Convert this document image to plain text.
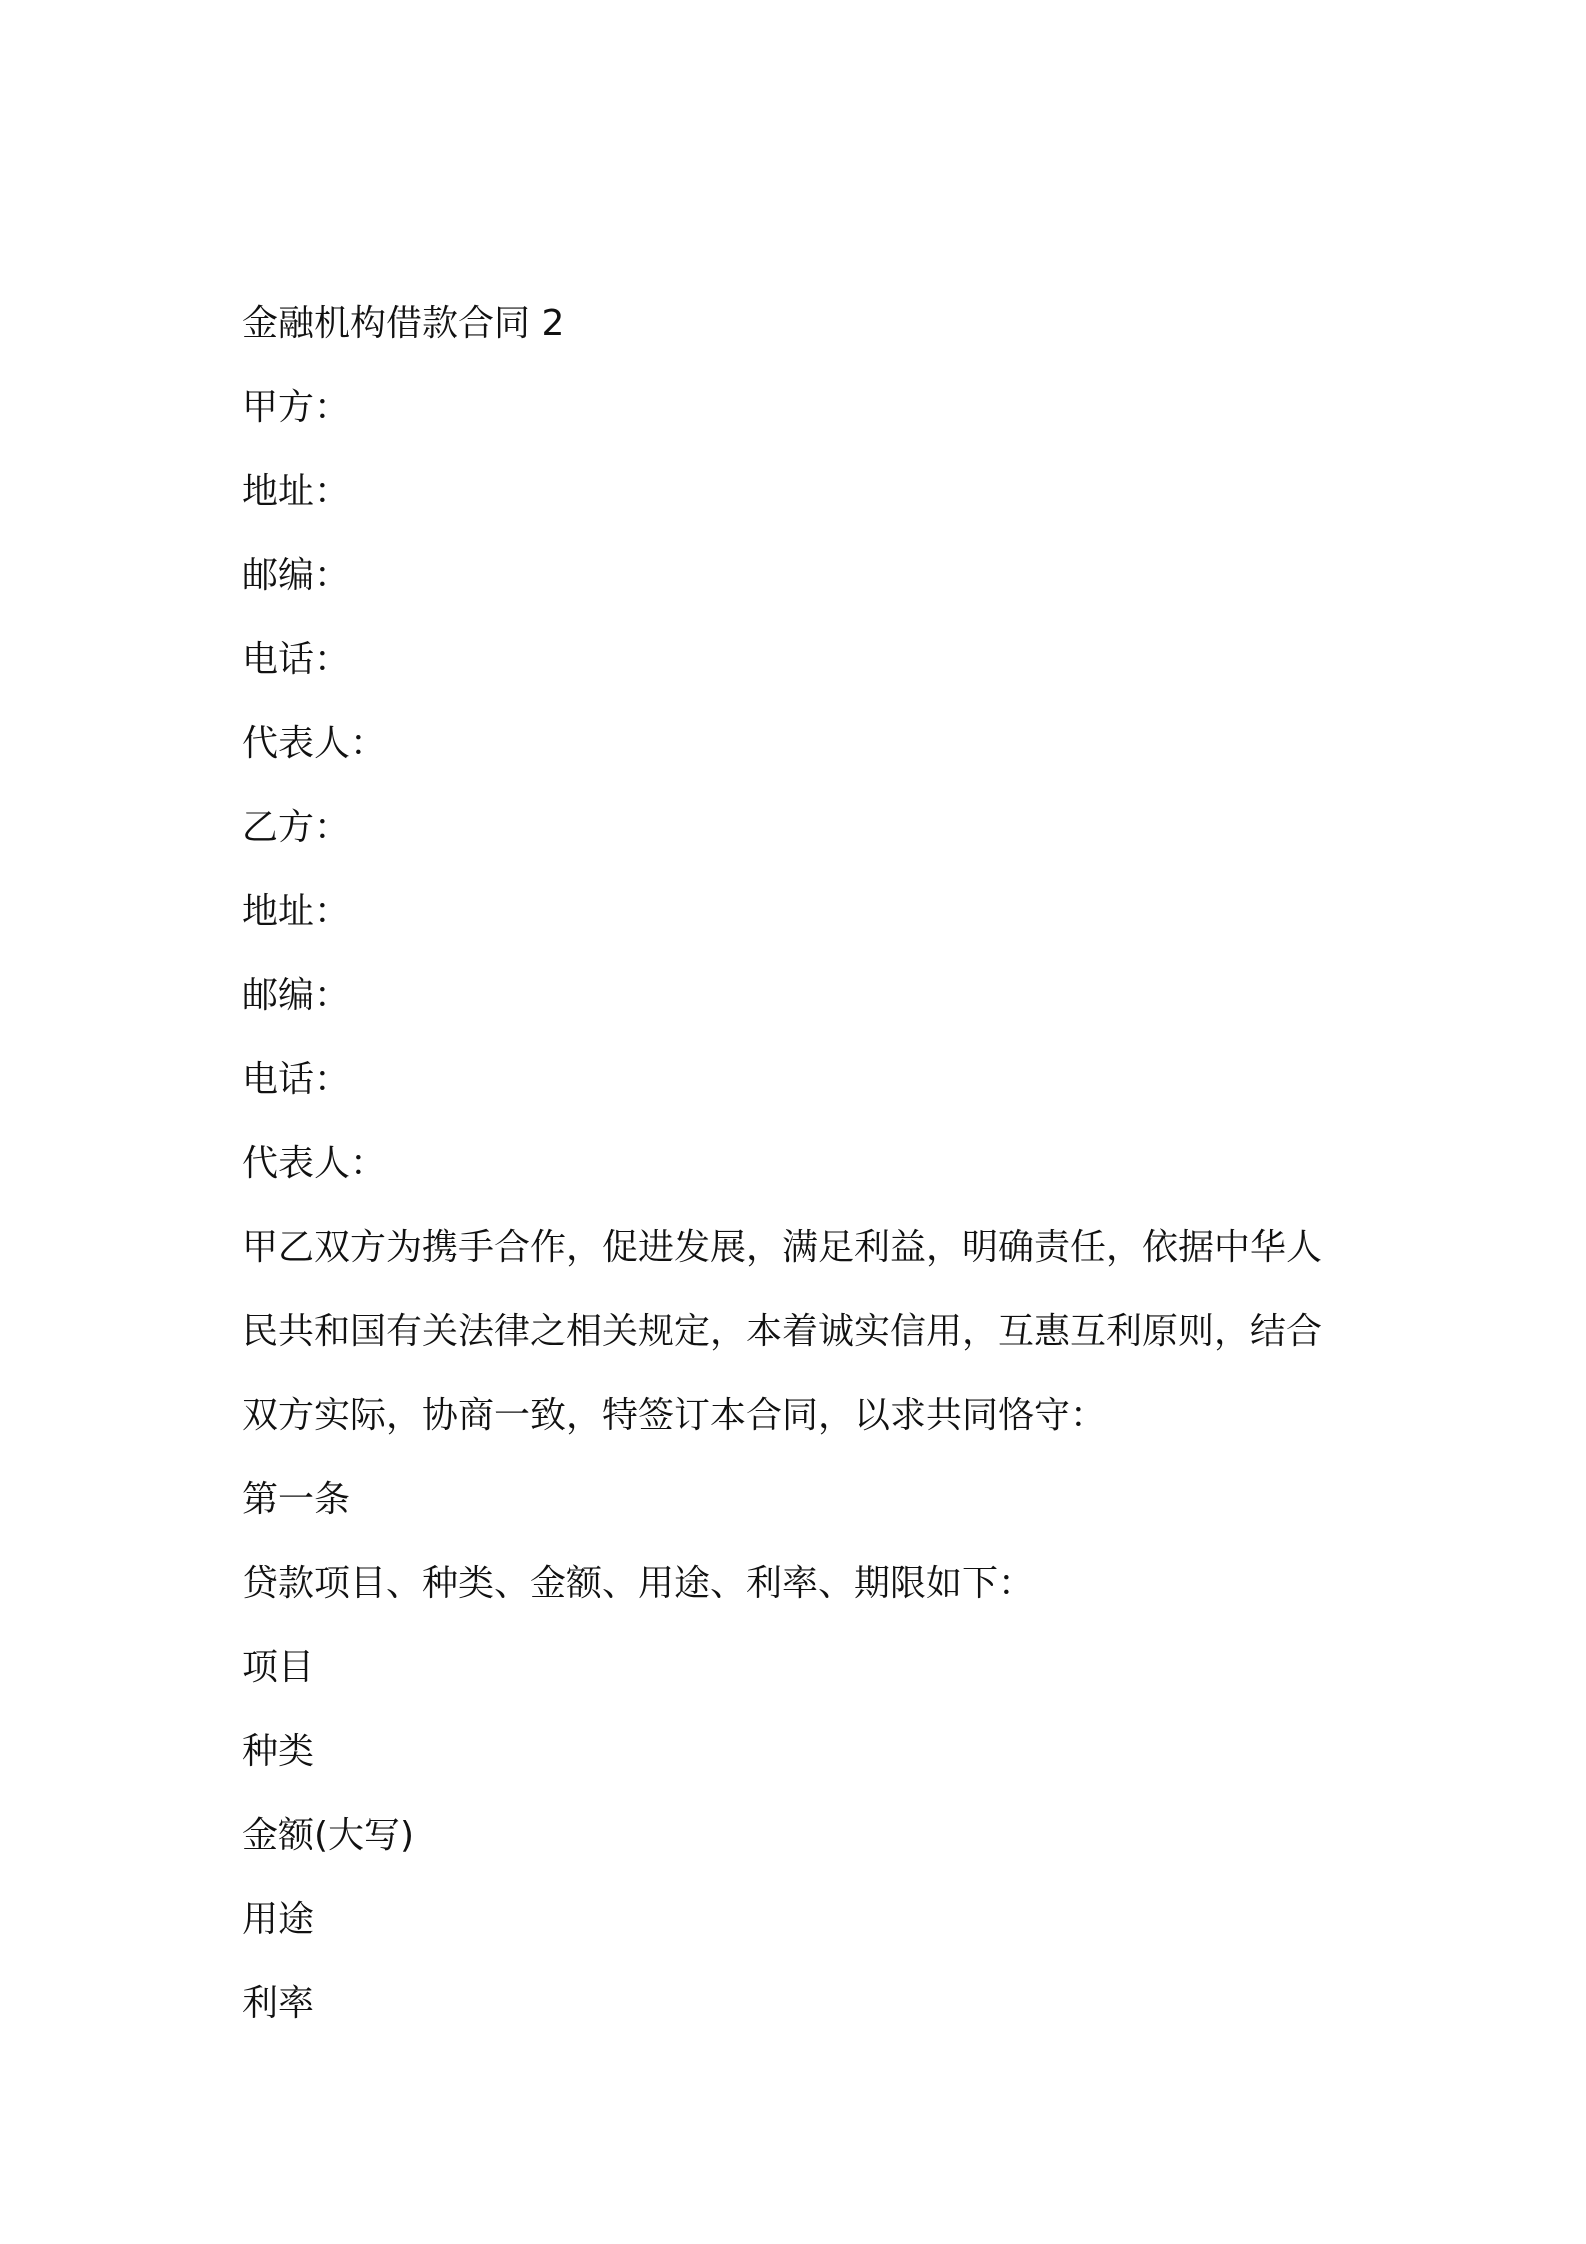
金融机构借款合同 2
甲方：
地址：
邮编：
电话：
代表人：
乙方：
地址：
邮编：
电话：
代表人：
甲乙双方为携手合作，促进发展，满足利益，明确责任，依据中华人
民共和国有关法律之相关规定，本着诚实信用，互惠互利原则，结合
双方实际，协商一致，特签订本合同，以求共同恪守：
第一条
贷款项目、种类、金额、用途、利率、期限如下：
项目
种类
金额(大写)
用途
利率
